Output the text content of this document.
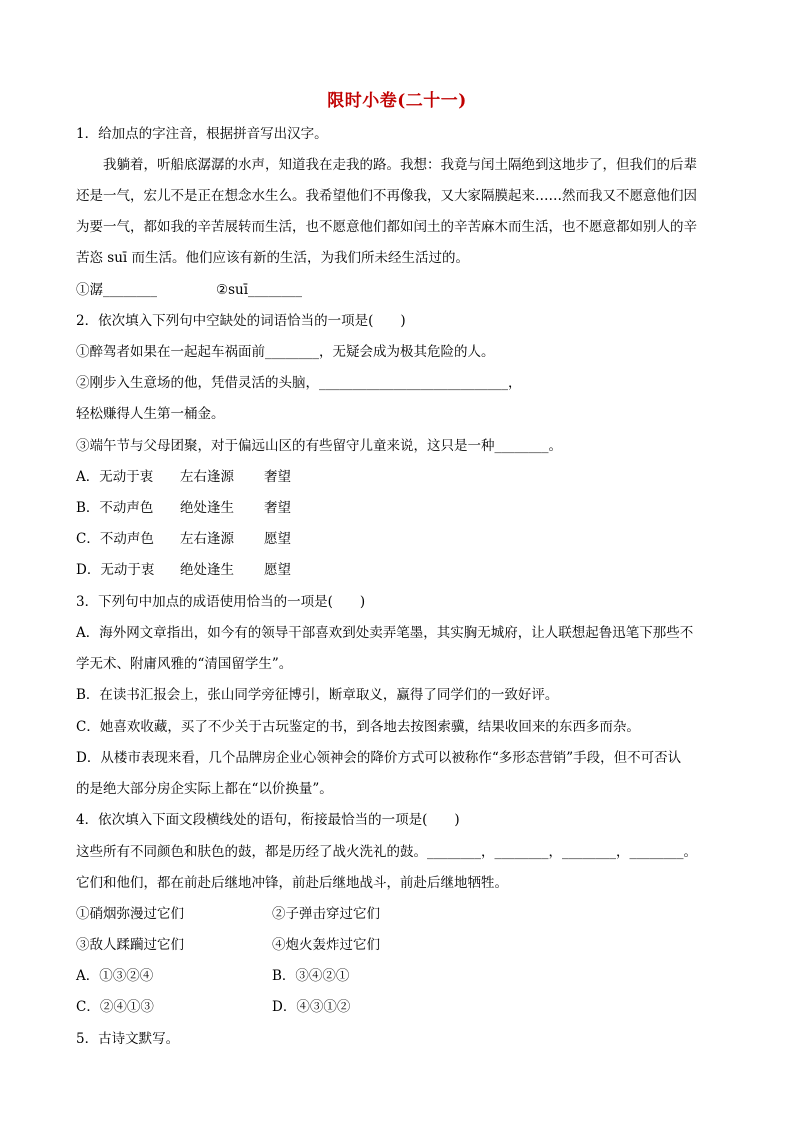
限时小卷(二十一)
1．给加点的字注音，根据拼音写出汉字。
我躺着，听船底潺潺的水声，知道我在走我的路。我想：我竟与闰土隔绝到这地步了，但我们的后辈
还是一气，宏儿不是正在想念水生么。我希望他们不再像我，又大家隔膜起来……然而我又不愿意他们因
为要一气，都如我的辛苦展转而生活，也不愿意他们都如闰土的辛苦麻木而生活，也不愿意都如别人的辛
苦恣 suī 而生活。他们应该有新的生活，为我们所未经生活过的。
①潺________	②suī________
2．依次填入下列句中空缺处的词语恰当的一项是(　　)
①醉驾者如果在一起起车祸面前________，无疑会成为极其危险的人。
②刚步入生意场的他，凭借灵活的头脑，____________________________，
轻松赚得人生第一桶金。
③端午节与父母团聚，对于偏远山区的有些留守儿童来说，这只是一种________。
A．无动于衷 左右逢源 奢望
B．不动声色 绝处逢生 奢望
C．不动声色 左右逢源 愿望
D．无动于衷 绝处逢生 愿望
3．下列句中加点的成语使用恰当的一项是(　　)
A．海外网文章指出，如今有的领导干部喜欢到处卖弄笔墨，其实胸无城府，让人联想起鲁迅笔下那些不
学无术、附庸风雅的“清国留学生”。
B．在读书汇报会上，张山同学旁征博引，断章取义，赢得了同学们的一致好评。
C．她喜欢收藏，买了不少关于古玩鉴定的书，到各地去按图索骥，结果收回来的东西多而杂。
D．从楼市表现来看，几个品牌房企业心领神会的降价方式可以被称作“多形态营销”手段，但不可否认
的是绝大部分房企实际上都在“以价换量”。
4．依次填入下面文段横线处的语句，衔接最恰当的一项是(　　)
这些所有不同颜色和肤色的鼓，都是历经了战火洗礼的鼓。________，________，________，________。
它们和他们，都在前赴后继地冲锋，前赴后继地战斗，前赴后继地牺牲。
①硝烟弥漫过它们	②子弹击穿过它们
③敌人蹂躏过它们	④炮火轰炸过它们
A．①③②④	B．③④②①
C．②④①③	D．④③①②
5．古诗文默写。
